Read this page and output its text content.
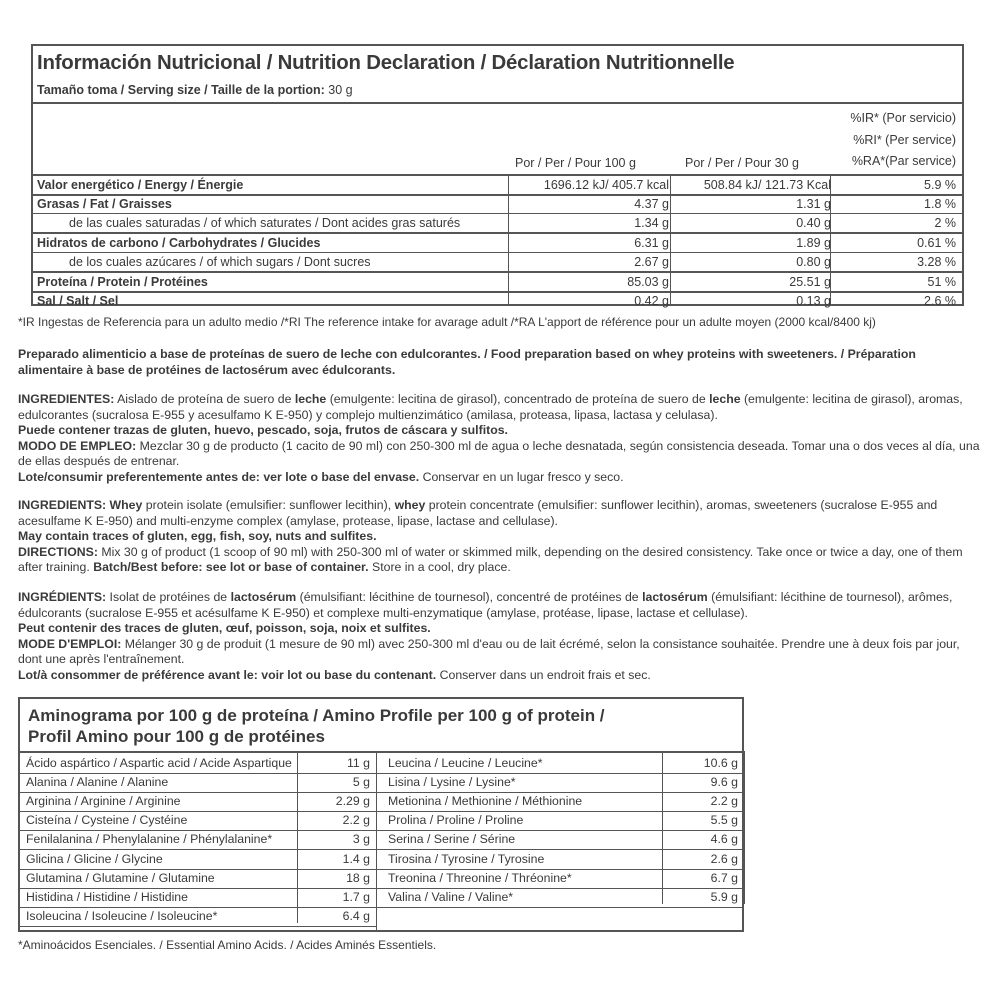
Información Nutricional / Nutrition Declaration / Déclaration Nutritionnelle
Tamaño toma / Serving size / Taille de la portion: 30 g
Por / Per / Pour 100 g	Por / Per / Pour 30 g
%IR* (Por servicio)
%RI* (Per service)
%RA*(Par service)
Valor energético / Energy / Énergie	1696.12 kJ/ 405.7 kcal	508.84 kJ/ 121.73 Kcal	5.9 %
Grasas / Fat / Graisses	4.37 g	1.31 g	1.8 %
de las cuales saturadas / of which saturates / Dont acides gras saturés	1.34 g	0.40 g	2 %
Hidratos de carbono / Carbohydrates / Glucides	6.31 g	1.89 g	0.61 %
de los cuales azúcares / of which sugars / Dont sucres	2.67 g	0.80 g	3.28 %
Proteína / Protein / Protéines	85.03 g	25.51 g	51 %
Sal / Salt / Sel	0.42 g	0.13 g	2.6 %
*IR Ingestas de Referencia para un adulto medio /*RI The reference intake for avarage adult /*RA L'apport de référence pour un adulte moyen (2000 kcal/8400 kj)
Preparado alimenticio a base de proteínas de suero de leche con edulcorantes. / Food preparation based on whey proteins with sweeteners. / Préparation alimentaire à base de protéines de lactosérum avec édulcorants.

INGREDIENTES: Aislado de proteína de suero de leche (emulgente: lecitina de girasol), concentrado de proteína de suero de leche (emulgente: lecitina de girasol), aromas, edulcorantes (sucralosa E-955 y acesulfamo K E-950) y complejo multienzimático (amilasa, proteasa, lipasa, lactasa y celulasa).

Puede contener trazas de gluten, huevo, pescado, soja, frutos de cáscara y sulfitos.

MODO DE EMPLEO: Mezclar 30 g de producto (1 cacito de 90 ml) con 250-300 ml de agua o leche desnatada, según consistencia deseada. Tomar una o dos veces al día, una de ellas después de entrenar.

Lote/consumir preferentemente antes de: ver lote o base del envase. Conservar en un lugar fresco y seco.

INGREDIENTS: Whey protein isolate (emulsifier: sunflower lecithin), whey protein concentrate (emulsifier: sunflower lecithin), aromas, sweeteners (sucralose E-955 and acesulfame K E-950) and multi-enzyme complex (amylase, protease, lipase, lactase and cellulase).

May contain traces of gluten, egg, fish, soy, nuts and sulfites.

DIRECTIONS: Mix 30 g of product (1 scoop of 90 ml) with 250-300 ml of water or skimmed milk, depending on the desired consistency. Take once or twice a day, one of them after training. Batch/Best before: see lot or base of container. Store in a cool, dry place.

INGRÉDIENTS: Isolat de protéines de lactosérum (émulsifiant: lécithine de tournesol), concentré de protéines de lactosérum (émulsifiant: lécithine de tournesol), arômes, édulcorants (sucralose E-955 et acésulfame K E-950) et complexe multi-enzymatique (amylase, protéase, lipase, lactase et cellulase).

Peut contenir des traces de gluten, œuf, poisson, soja, noix et sulfites.

MODE D'EMPLOI: Mélanger 30 g de produit (1 mesure de 90 ml) avec 250-300 ml d'eau ou de lait écrémé, selon la consistance souhaitée. Prendre une à deux fois par jour, dont une après l'entraînement.

Lot/à consommer de préférence avant le: voir lot ou base du contenant. Conserver dans un endroit frais et sec.

Aminograma por 100 g de proteína / Amino Profile per 100 g of protein /
Profil Amino pour 100 g de protéines
Ácido aspártico / Aspartic acid / Acide Aspartique	11 g
Alanina / Alanine / Alanine	5 g
Arginina / Arginine / Arginine	2.29 g
Cisteína / Cysteine / Cystéine	2.2 g
Fenilalanina / Phenylalanine / Phénylalanine*	3 g
Glicina / Glicine / Glycine	1.4 g
Glutamina / Glutamine / Glutamine	18 g
Histidina / Histidine / Histidine	1.7 g
Isoleucina / Isoleucine / Isoleucine*	6.4 g
Leucina / Leucine / Leucine*	10.6 g
Lisina / Lysine / Lysine*	9.6 g
Metionina / Methionine / Méthionine	2.2 g
Prolina / Proline / Proline	5.5 g
Serina / Serine / Sérine	4.6 g
Tirosina / Tyrosine / Tyrosine	2.6 g
Treonina / Threonine / Thréonine*	6.7 g
Valina / Valine / Valine*	5.9 g
*Aminoácidos Esenciales. / Essential Amino Acids. / Acides Aminés Essentiels.
